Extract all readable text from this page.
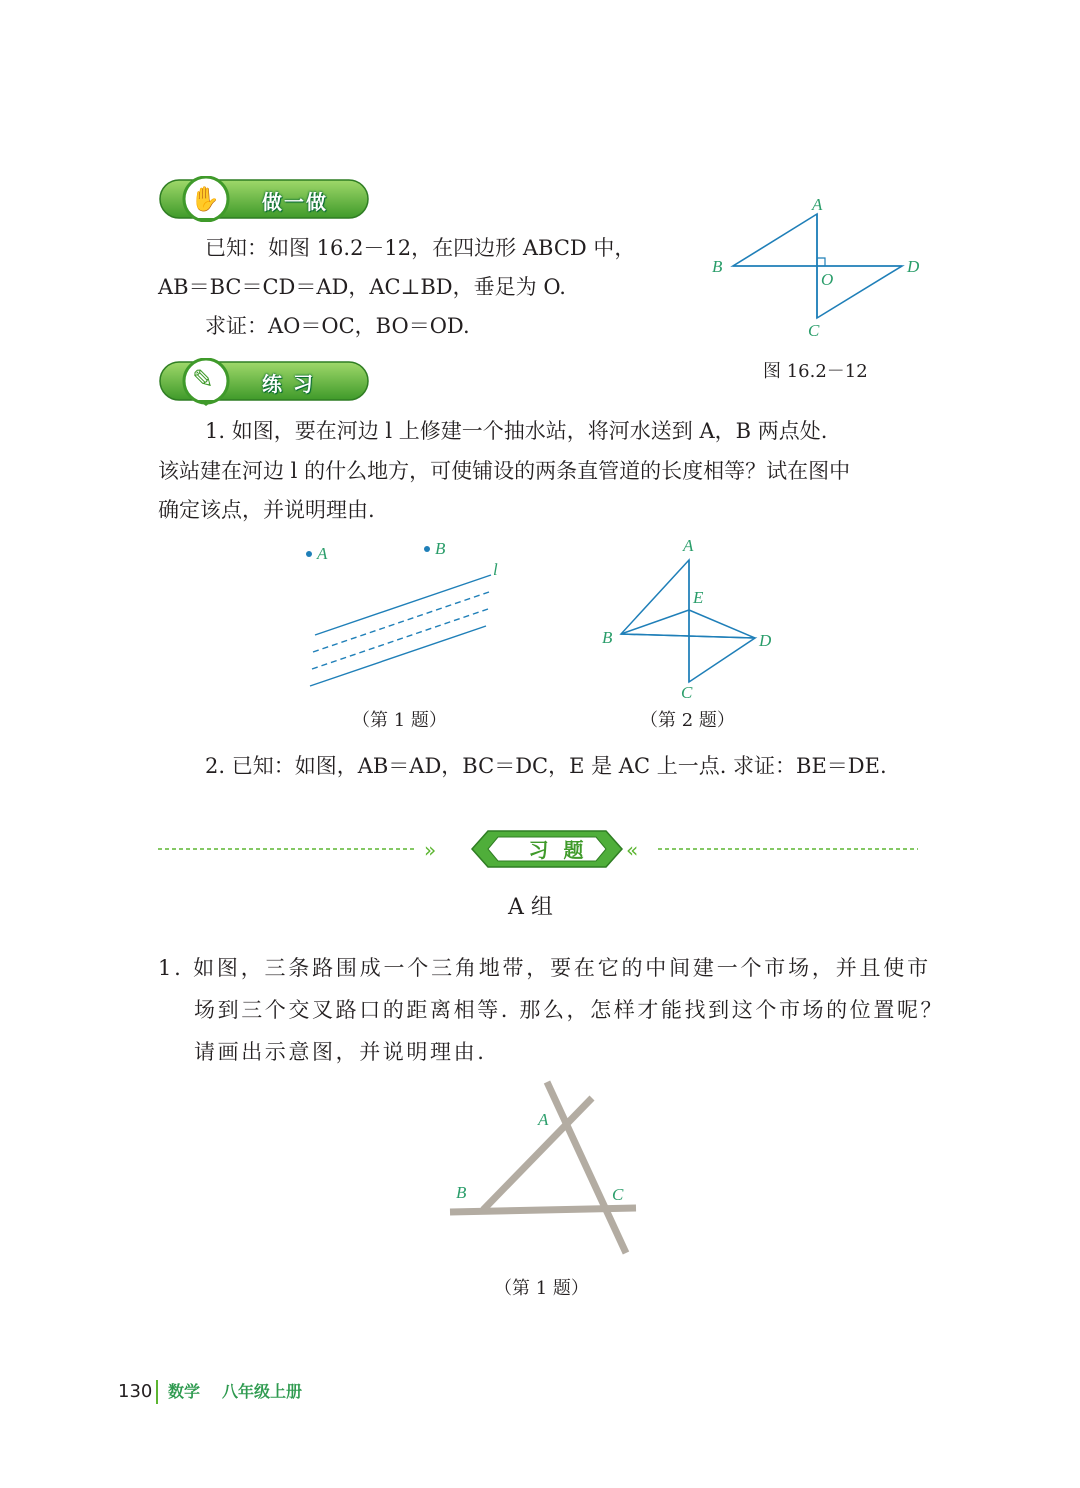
✋ 做一做
已知：如图 16.2－12，在四边形 ABCD 中，
AB＝BC＝CD＝AD，AC⊥BD，垂足为 O.
求证：AO＝OC，BO＝OD.
A
B	D
C
O
图 16.2－12
✎ 练 习
1. 如图，要在河边 l 上修建一个抽水站，将河水送到 A，B 两点处.
该站建在河边 l 的什么地方，可使铺设的两条直管道的长度相等？试在图中
确定该点，并说明理由.
A	B
l
（第 1 题）
A
B	D
C
E
（第 2 题）
2. 已知：如图，AB＝AD，BC＝DC，E 是 AC 上一点. 求证：BE＝DE.
»	«
习 题
A 组
1. 如图，三条路围成一个三角地带，要在它的中间建一个市场，并且使市
场到三个交叉路口的距离相等. 那么，怎样才能找到这个市场的位置呢？
请画出示意图，并说明理由.
A
B	C
（第 1 题）
130 数学 八年级上册
